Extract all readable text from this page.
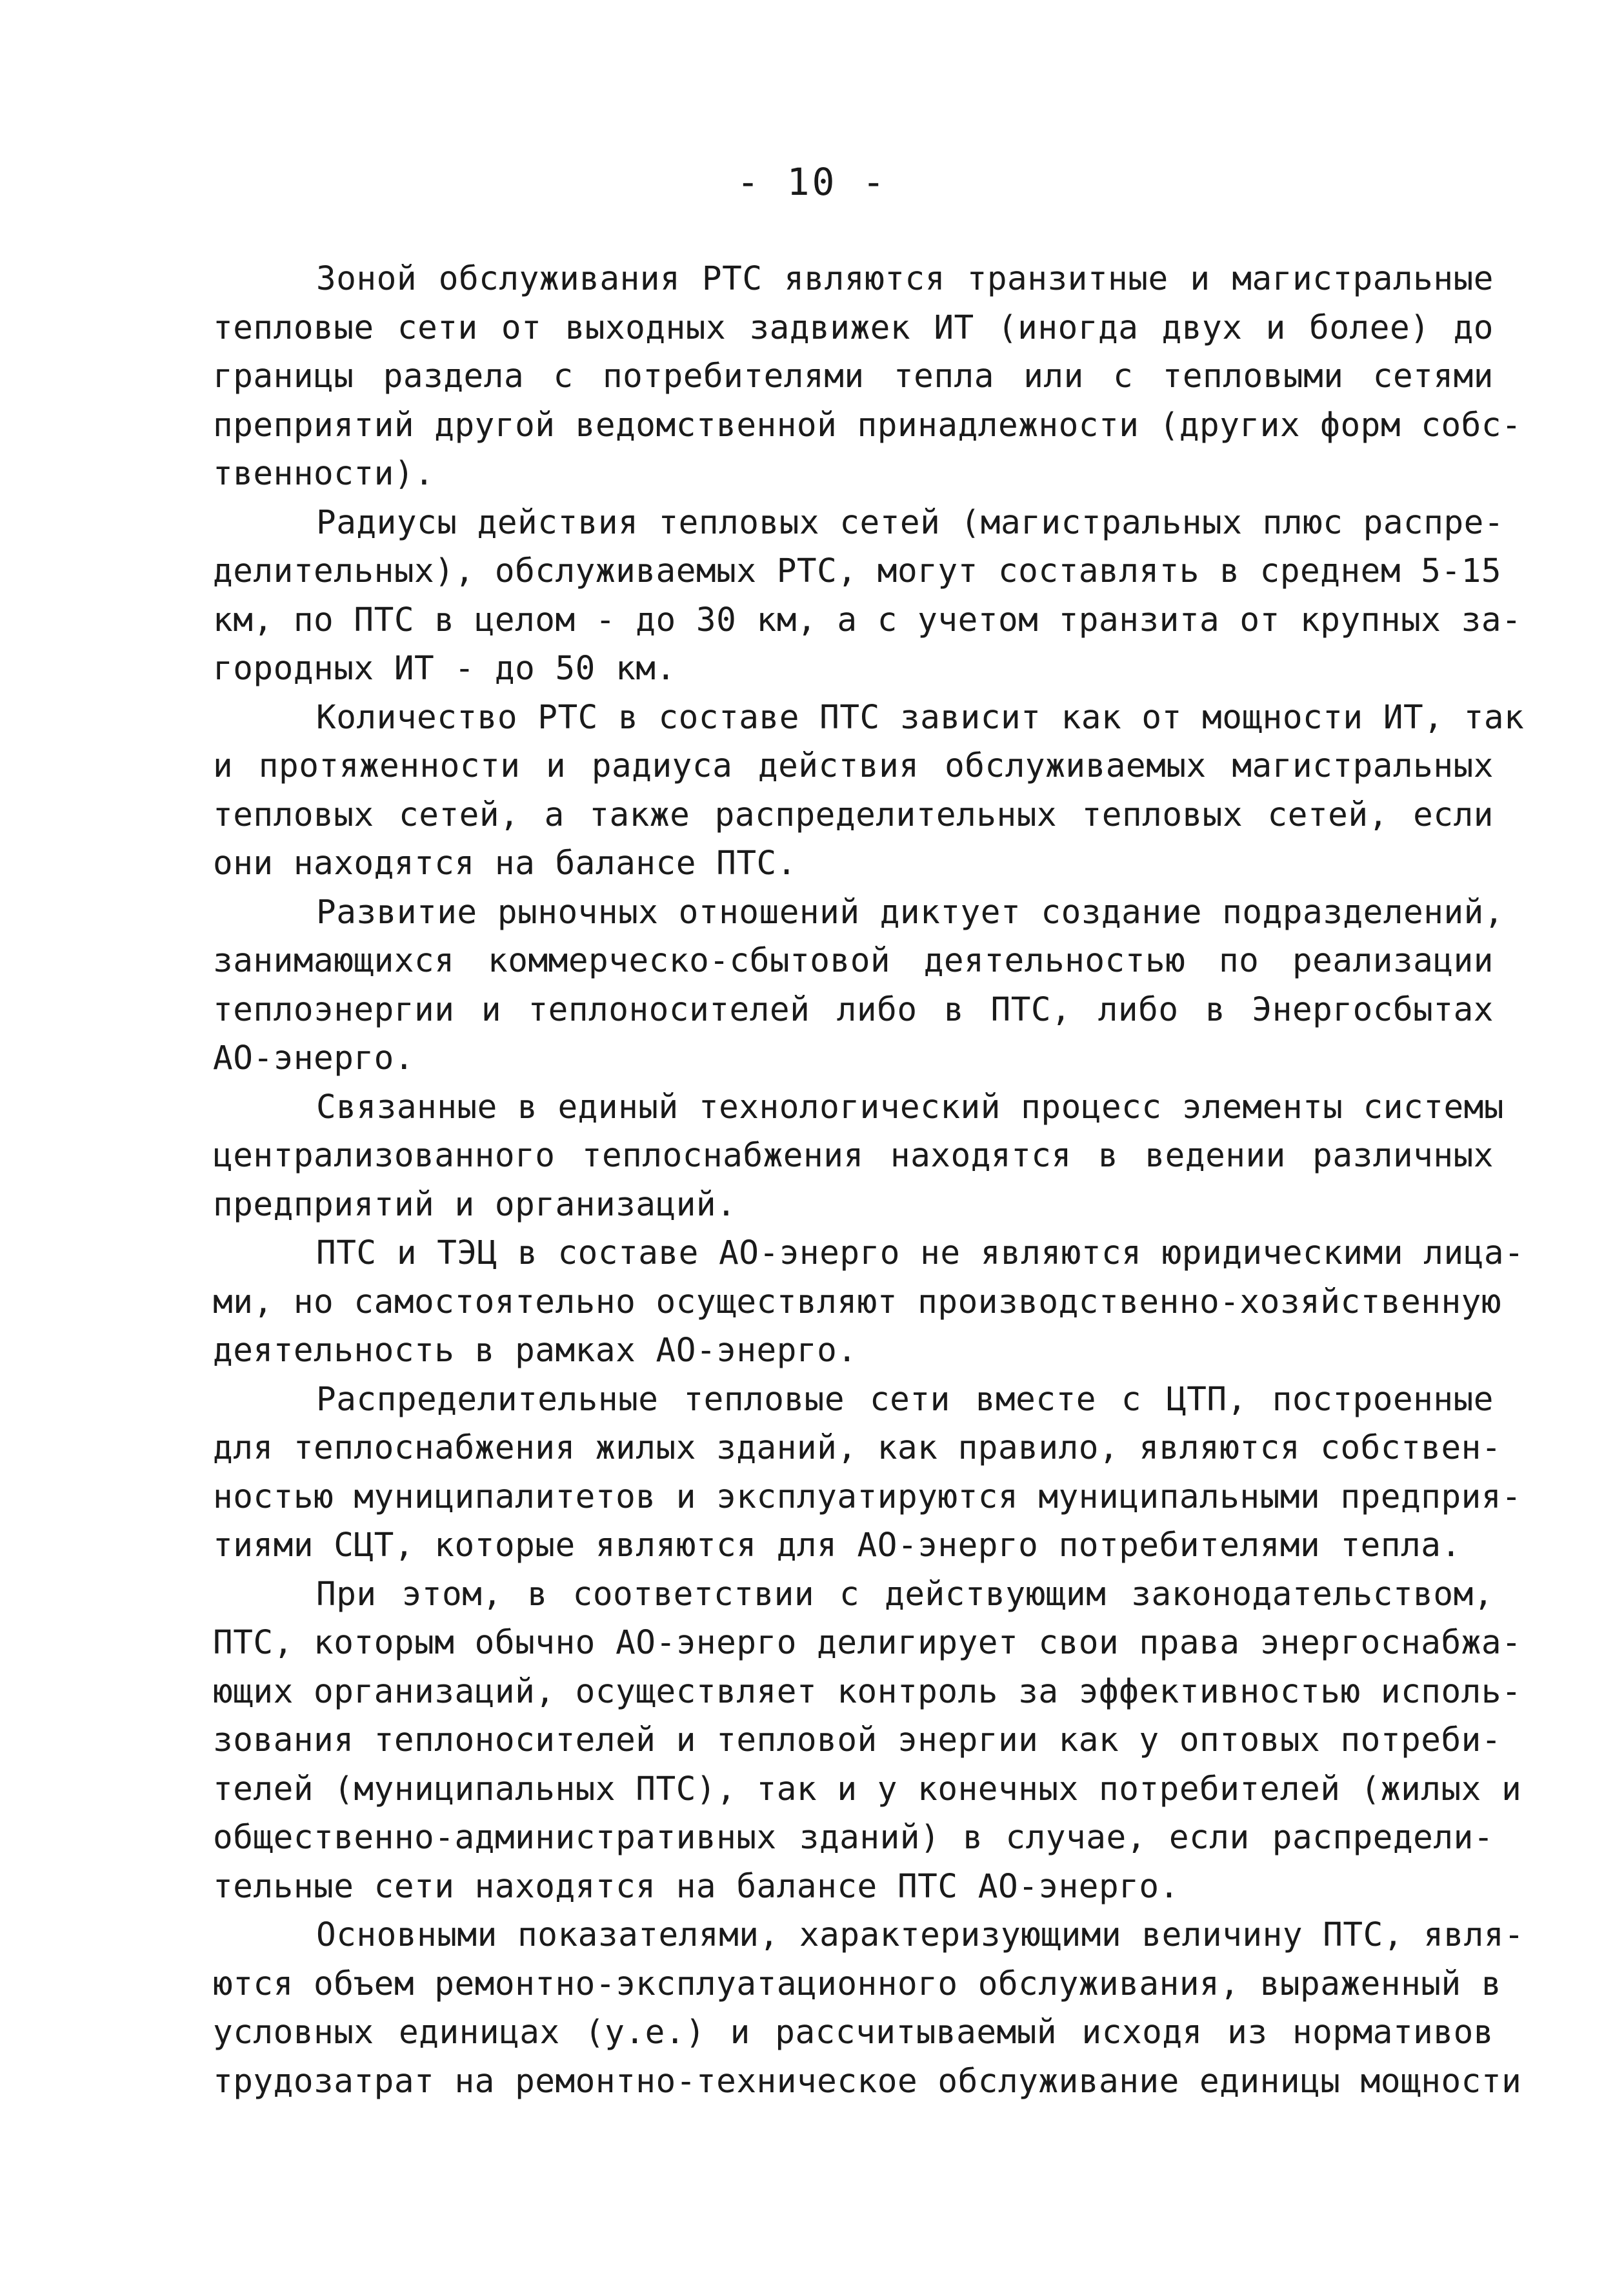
- 10 -
Зоной обслуживания РТС являются транзитные и магистральные
тепловые сети от выходных задвижек ИТ (иногда двух и более) до
границы раздела с потребителями тепла или с тепловыми сетями
преприятий другой ведомственной принадлежности (других форм собс-
твенности).
Радиусы действия тепловых сетей (магистральных плюс распре-
делительных), обслуживаемых РТС, могут составлять в среднем 5-15
км, по ПТС в целом - до 30 км, а с учетом транзита от крупных за-
городных ИТ - до 50 км.
Количество РТС в составе ПТС зависит как от мощности ИТ, так
и протяженности и радиуса действия обслуживаемых магистральных
тепловых сетей, а также распределительных тепловых сетей, если
они находятся на балансе ПТС.
Развитие рыночных отношений диктует создание подразделений,
занимающихся коммерческо-сбытовой деятельностью по реализации
теплоэнергии и теплоносителей либо в ПТС, либо в Энергосбытах
АО-энерго.
Связанные в единый технологический процесс элементы системы
централизованного теплоснабжения находятся в ведении различных
предприятий и организаций.
ПТС и ТЭЦ в составе АО-энерго не являются юридическими лица-
ми, но самостоятельно осуществляют производственно-хозяйственную
деятельность в рамках АО-энерго.
Распределительные тепловые сети вместе с ЦТП, построенные
для теплоснабжения жилых зданий, как правило, являются собствен-
ностью муниципалитетов и эксплуатируются муниципальными предприя-
тиями СЦТ, которые являются для АО-энерго потребителями тепла.
При этом, в соответствии с действующим законодательством,
ПТС, которым обычно АО-энерго делигирует свои права энергоснабжа-
ющих организаций, осуществляет контроль за эффективностью исполь-
зования теплоносителей и тепловой энергии как у оптовых потреби-
телей (муниципальных ПТС), так и у конечных потребителей (жилых и
общественно-административных зданий) в случае, если распредели-
тельные сети находятся на балансе ПТС АО-энерго.
Основными показателями, характеризующими величину ПТС, явля-
ются объем ремонтно-эксплуатационного обслуживания, выраженный в
условных единицах (у.е.) и рассчитываемый исходя из нормативов
трудозатрат на ремонтно-техническое обслуживание единицы мощности
